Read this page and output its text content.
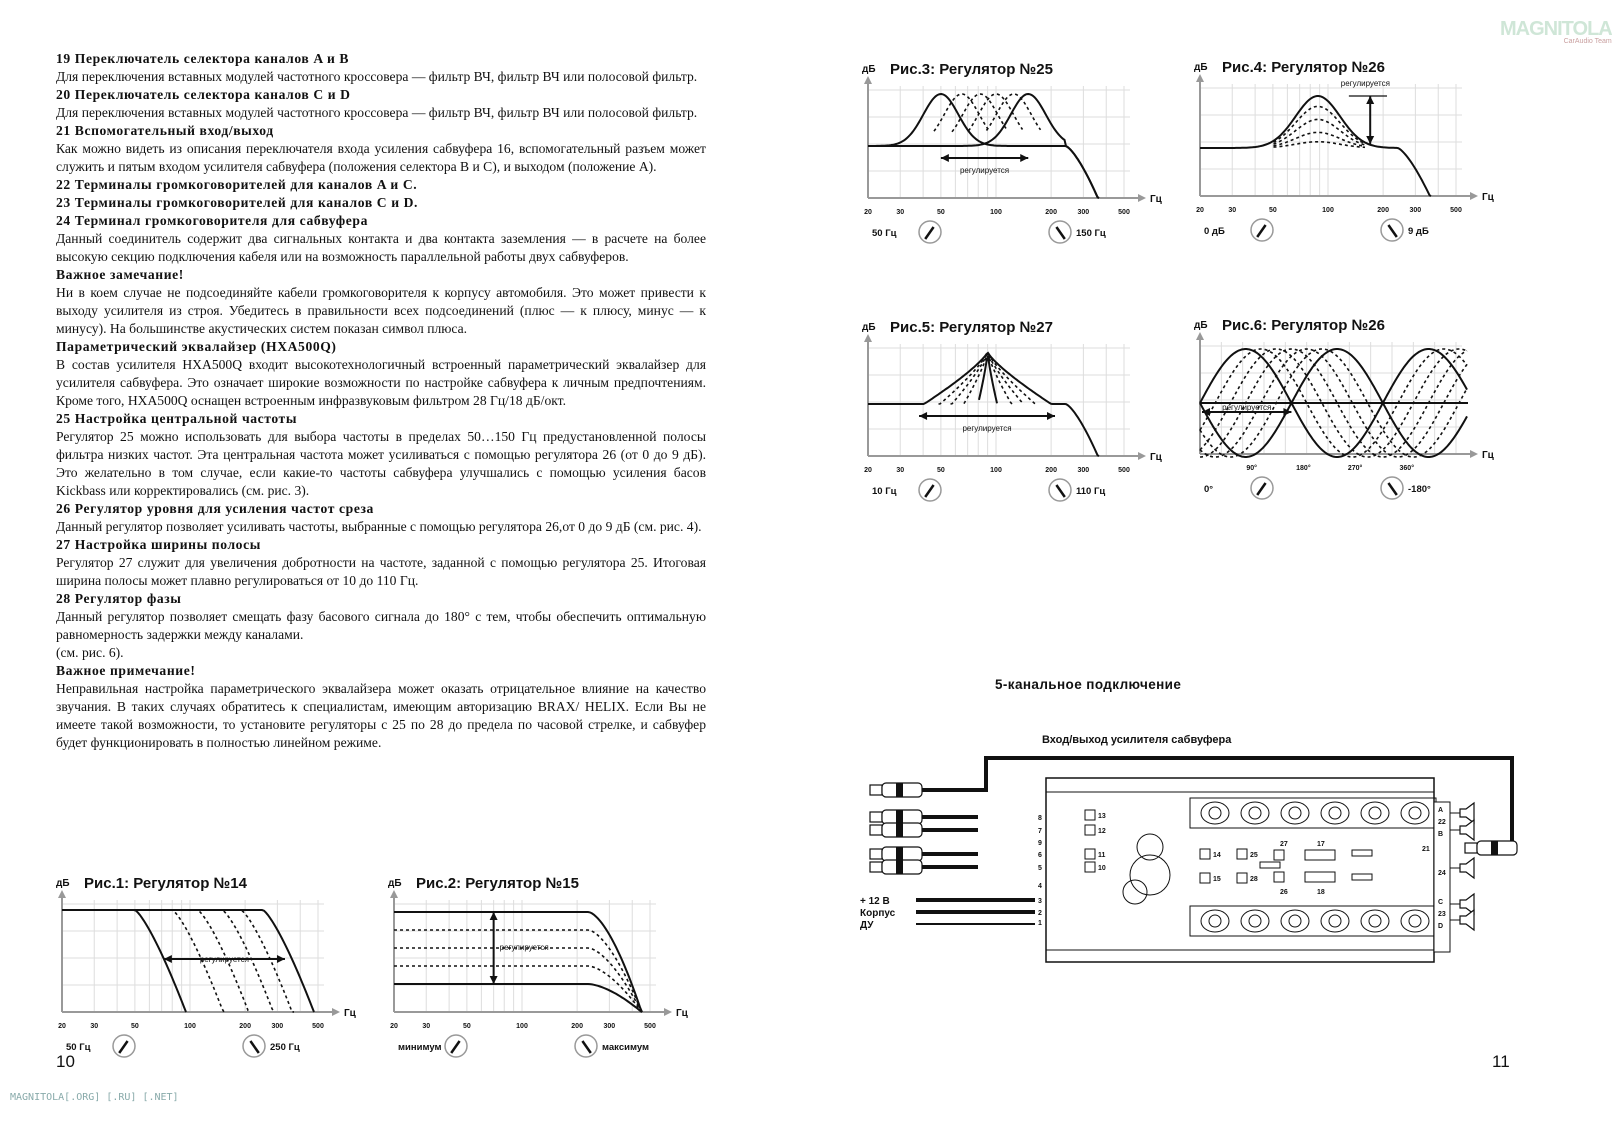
19 Переключатель селектора каналов A и B

Для переключения вставных модулей частотного кроссовера — фильтр ВЧ, фильтр ВЧ или полосовой фильтр.

20 Переключатель селектора каналов C и D

Для переключения вставных модулей частотного кроссовера — фильтр ВЧ, фильтр ВЧ или полосовой фильтр.

21 Вспомогательный вход/выход

Как можно видеть из описания переключателя входа усиления сабвуфера 16, вспомогательный разъем может служить и пятым входом усилителя сабвуфера (положения селектора B и C), и выходом (положение A).

22 Терминалы громкоговорителей для каналов A и C.
23 Терминалы громкоговорителей для каналов C и D.
24 Терминал громкоговорителя для сабвуфера

Данный соединитель содержит два сигнальных контакта и два контакта заземления — в расчете на более высокую секцию подключения кабеля или на возможность параллельной работы двух сабвуферов.

Важное замечание!

Ни в коем случае не подсоединяйте кабели громкоговорителя к корпусу автомобиля. Это может привести к выходу усилителя из строя. Убедитесь в правильности всех подсоединений (плюс — к плюсу, минус — к минусу). На большинстве акустических систем показан символ плюса.

Параметрический эквалайзер (HXA500Q)

В состав усилителя HXA500Q входит высокотехнологичный встроенный параметрический эквалайзер для усилителя сабвуфера. Это означает широкие возможности по настройке сабвуфера к личным предпочтениям. Кроме того, HXA500Q оснащен встроенным инфразвуковым фильтром 28 Гц/18 дБ/окт.

25 Настройка центральной частоты

Регулятор 25 можно использовать для выбора частоты в пределах 50…150 Гц предустановленной полосы фильтра низких частот. Эта центральная частота может усиливаться с помощью регулятора 26 (от 0 до 9 дБ). Это желательно в том случае, если какие-то частоты сабвуфера улучшались с помощью усиления басов Kickbass или корректировались (см. рис. 3).

26 Регулятор уровня для усиления частот среза

Данный регулятор позволяет усиливать частоты, выбранные с помощью регулятора 26,от 0 до 9 дБ (см. рис. 4).

27 Настройка ширины полосы

Регулятор 27 служит для увеличения добротности на частоте, заданной с помощью регулятора 25. Итоговая ширина полосы может плавно регулироваться от 10 до 110 Гц.

28 Регулятор фазы

Данный регулятор позволяет смещать фазу басового сигнала до 180° с тем, чтобы обеспечить оптимальную равномерность задержки между каналами.

(см. рис. 6).

Важное примечание!

Неправильная настройка параметрического эквалайзера может оказать отрицательное влияние на качество звучания. В таких случаях обратитесь к специалистам, имеющим авторизацию BRAX/ HELIX. Если Вы не имеете такой возможности, то установите регуляторы с 25 по 28 до предела по часовой стрелке, и сабвуфер будет функционировать в полностью линейном режиме.

10	11
MAGNITOLA[.ORG] [.RU] [.NET]
MAGNITOLA
CarAudio Team
дБ Рис.1: Регулятор №14
Гц
20	30	50	100	200	300	500
50 Гц	250 Гц
регулируется
дБ Рис.2: Регулятор №15
Гц
20	30	50	100	200	300	500
минимум	максимум
регулируется
дБ Рис.3: Регулятор №25
Гц
20	30	50	100	200	300	500
50 Гц	150 Гц
регулируется
дБ Рис.4: Регулятор №26
Гц
20	30	50	100	200	300	500
0 дБ	9 дБ
регулируется
дБ Рис.5: Регулятор №27
Гц
20	30	50	100	200	300	500
10 Гц	110 Гц
регулируется
дБ Рис.6: Регулятор №26
Гц
90°	180°	270°	360°
0°	-180°
регулируется
5-канальное подключение
Вход/выход усилителя сабвуфера
8
7
9
6
5
4
3
2
1
+ 12 В
Корпус
ДУ
13
12
11
10
14
15
25
28
27
26
17
18
A
22
B
C
23
D
24
21
